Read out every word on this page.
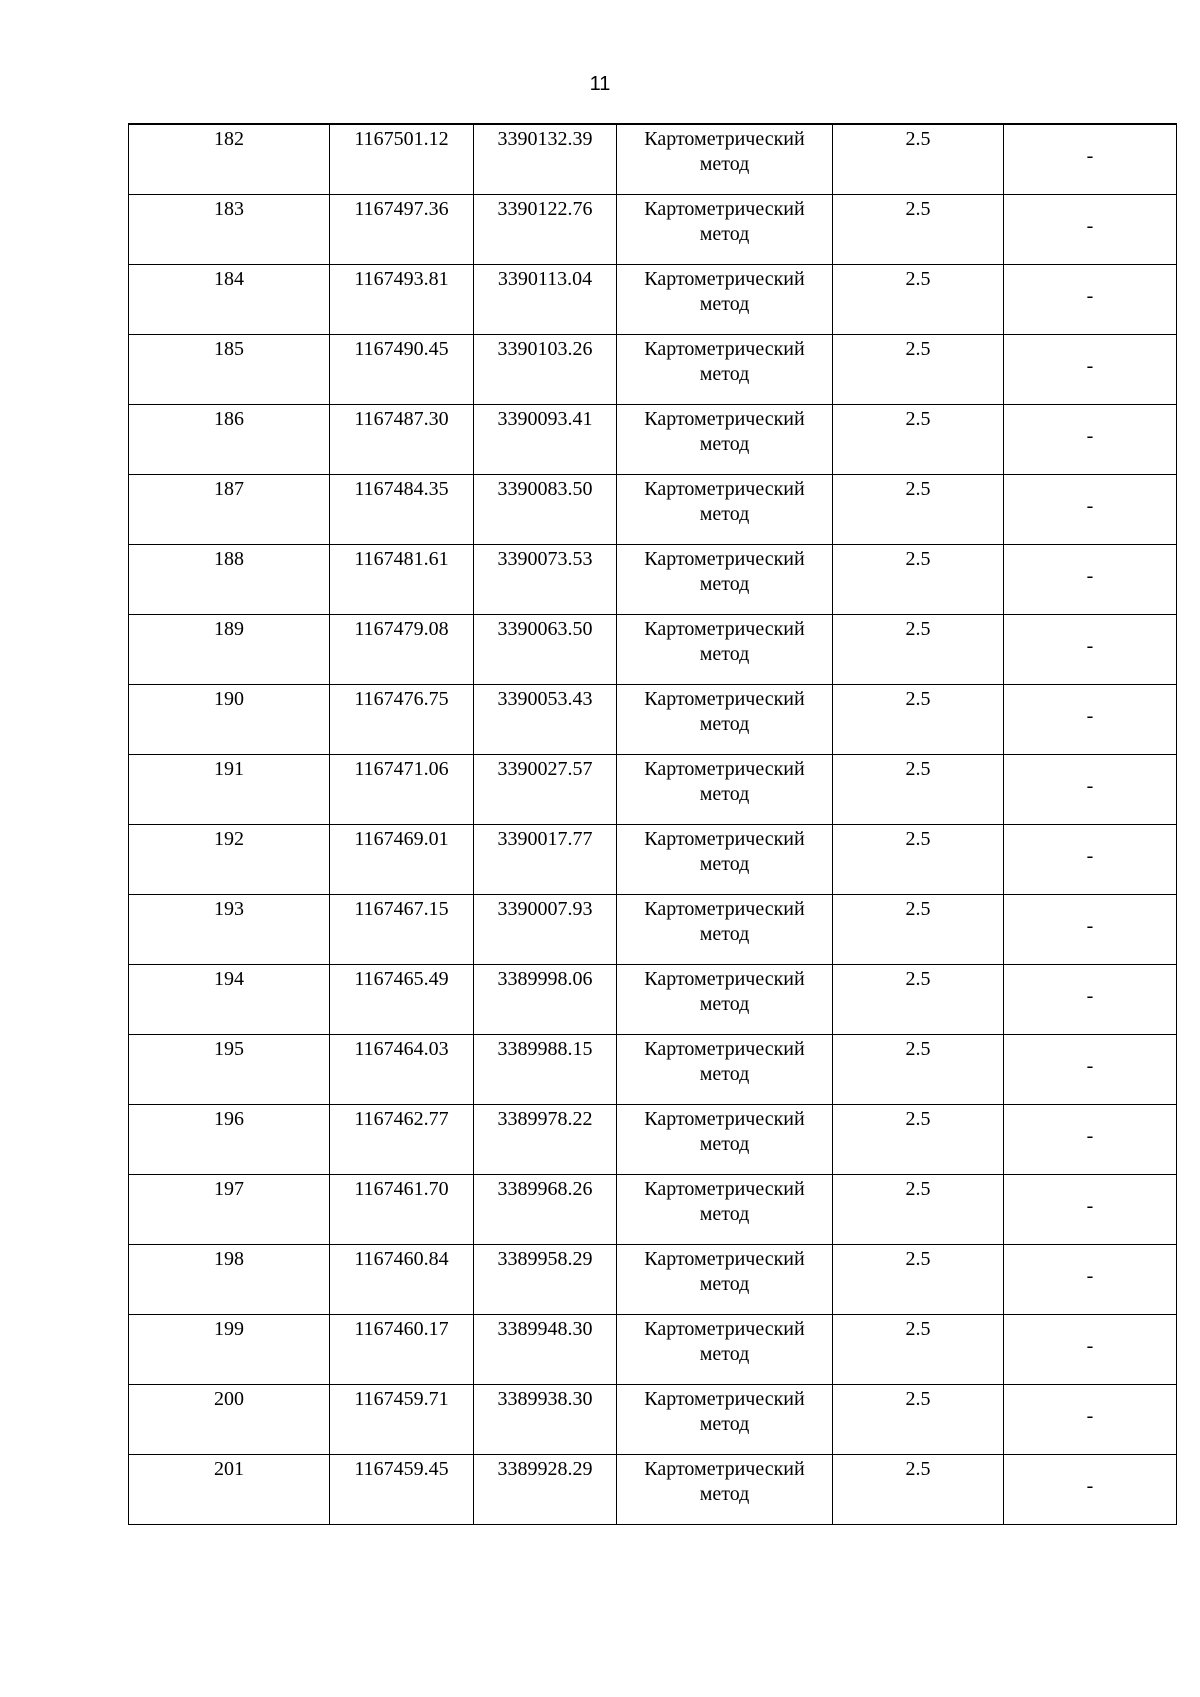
11
182	1167501.12	3390132.39	Картометрический
метод	2.5	-
183	1167497.36	3390122.76	Картометрический
метод	2.5	-
184	1167493.81	3390113.04	Картометрический
метод	2.5	-
185	1167490.45	3390103.26	Картометрический
метод	2.5	-
186	1167487.30	3390093.41	Картометрический
метод	2.5	-
187	1167484.35	3390083.50	Картометрический
метод	2.5	-
188	1167481.61	3390073.53	Картометрический
метод	2.5	-
189	1167479.08	3390063.50	Картометрический
метод	2.5	-
190	1167476.75	3390053.43	Картометрический
метод	2.5	-
191	1167471.06	3390027.57	Картометрический
метод	2.5	-
192	1167469.01	3390017.77	Картометрический
метод	2.5	-
193	1167467.15	3390007.93	Картометрический
метод	2.5	-
194	1167465.49	3389998.06	Картометрический
метод	2.5	-
195	1167464.03	3389988.15	Картометрический
метод	2.5	-
196	1167462.77	3389978.22	Картометрический
метод	2.5	-
197	1167461.70	3389968.26	Картометрический
метод	2.5	-
198	1167460.84	3389958.29	Картометрический
метод	2.5	-
199	1167460.17	3389948.30	Картометрический
метод	2.5	-
200	1167459.71	3389938.30	Картометрический
метод	2.5	-
201	1167459.45	3389928.29	Картометрический
метод	2.5	-
